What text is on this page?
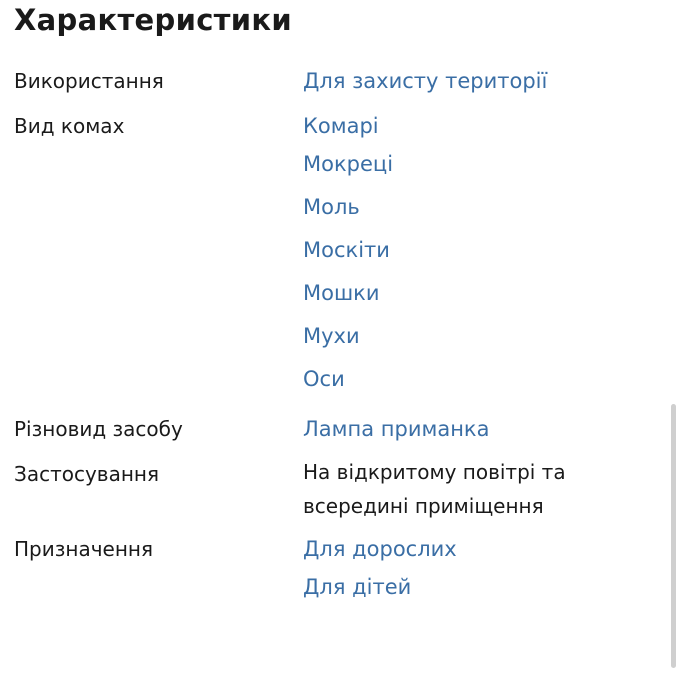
Характеристики
Використання	Для захисту території
Вид комах	Комарі
Мокреці
Моль
Москіти
Мошки
Мухи
Оси
Різновид засобу	Лампа приманка
Застосування	На відкритому повітрі та всередині приміщення
Призначення	Для дорослих
Для дітей
